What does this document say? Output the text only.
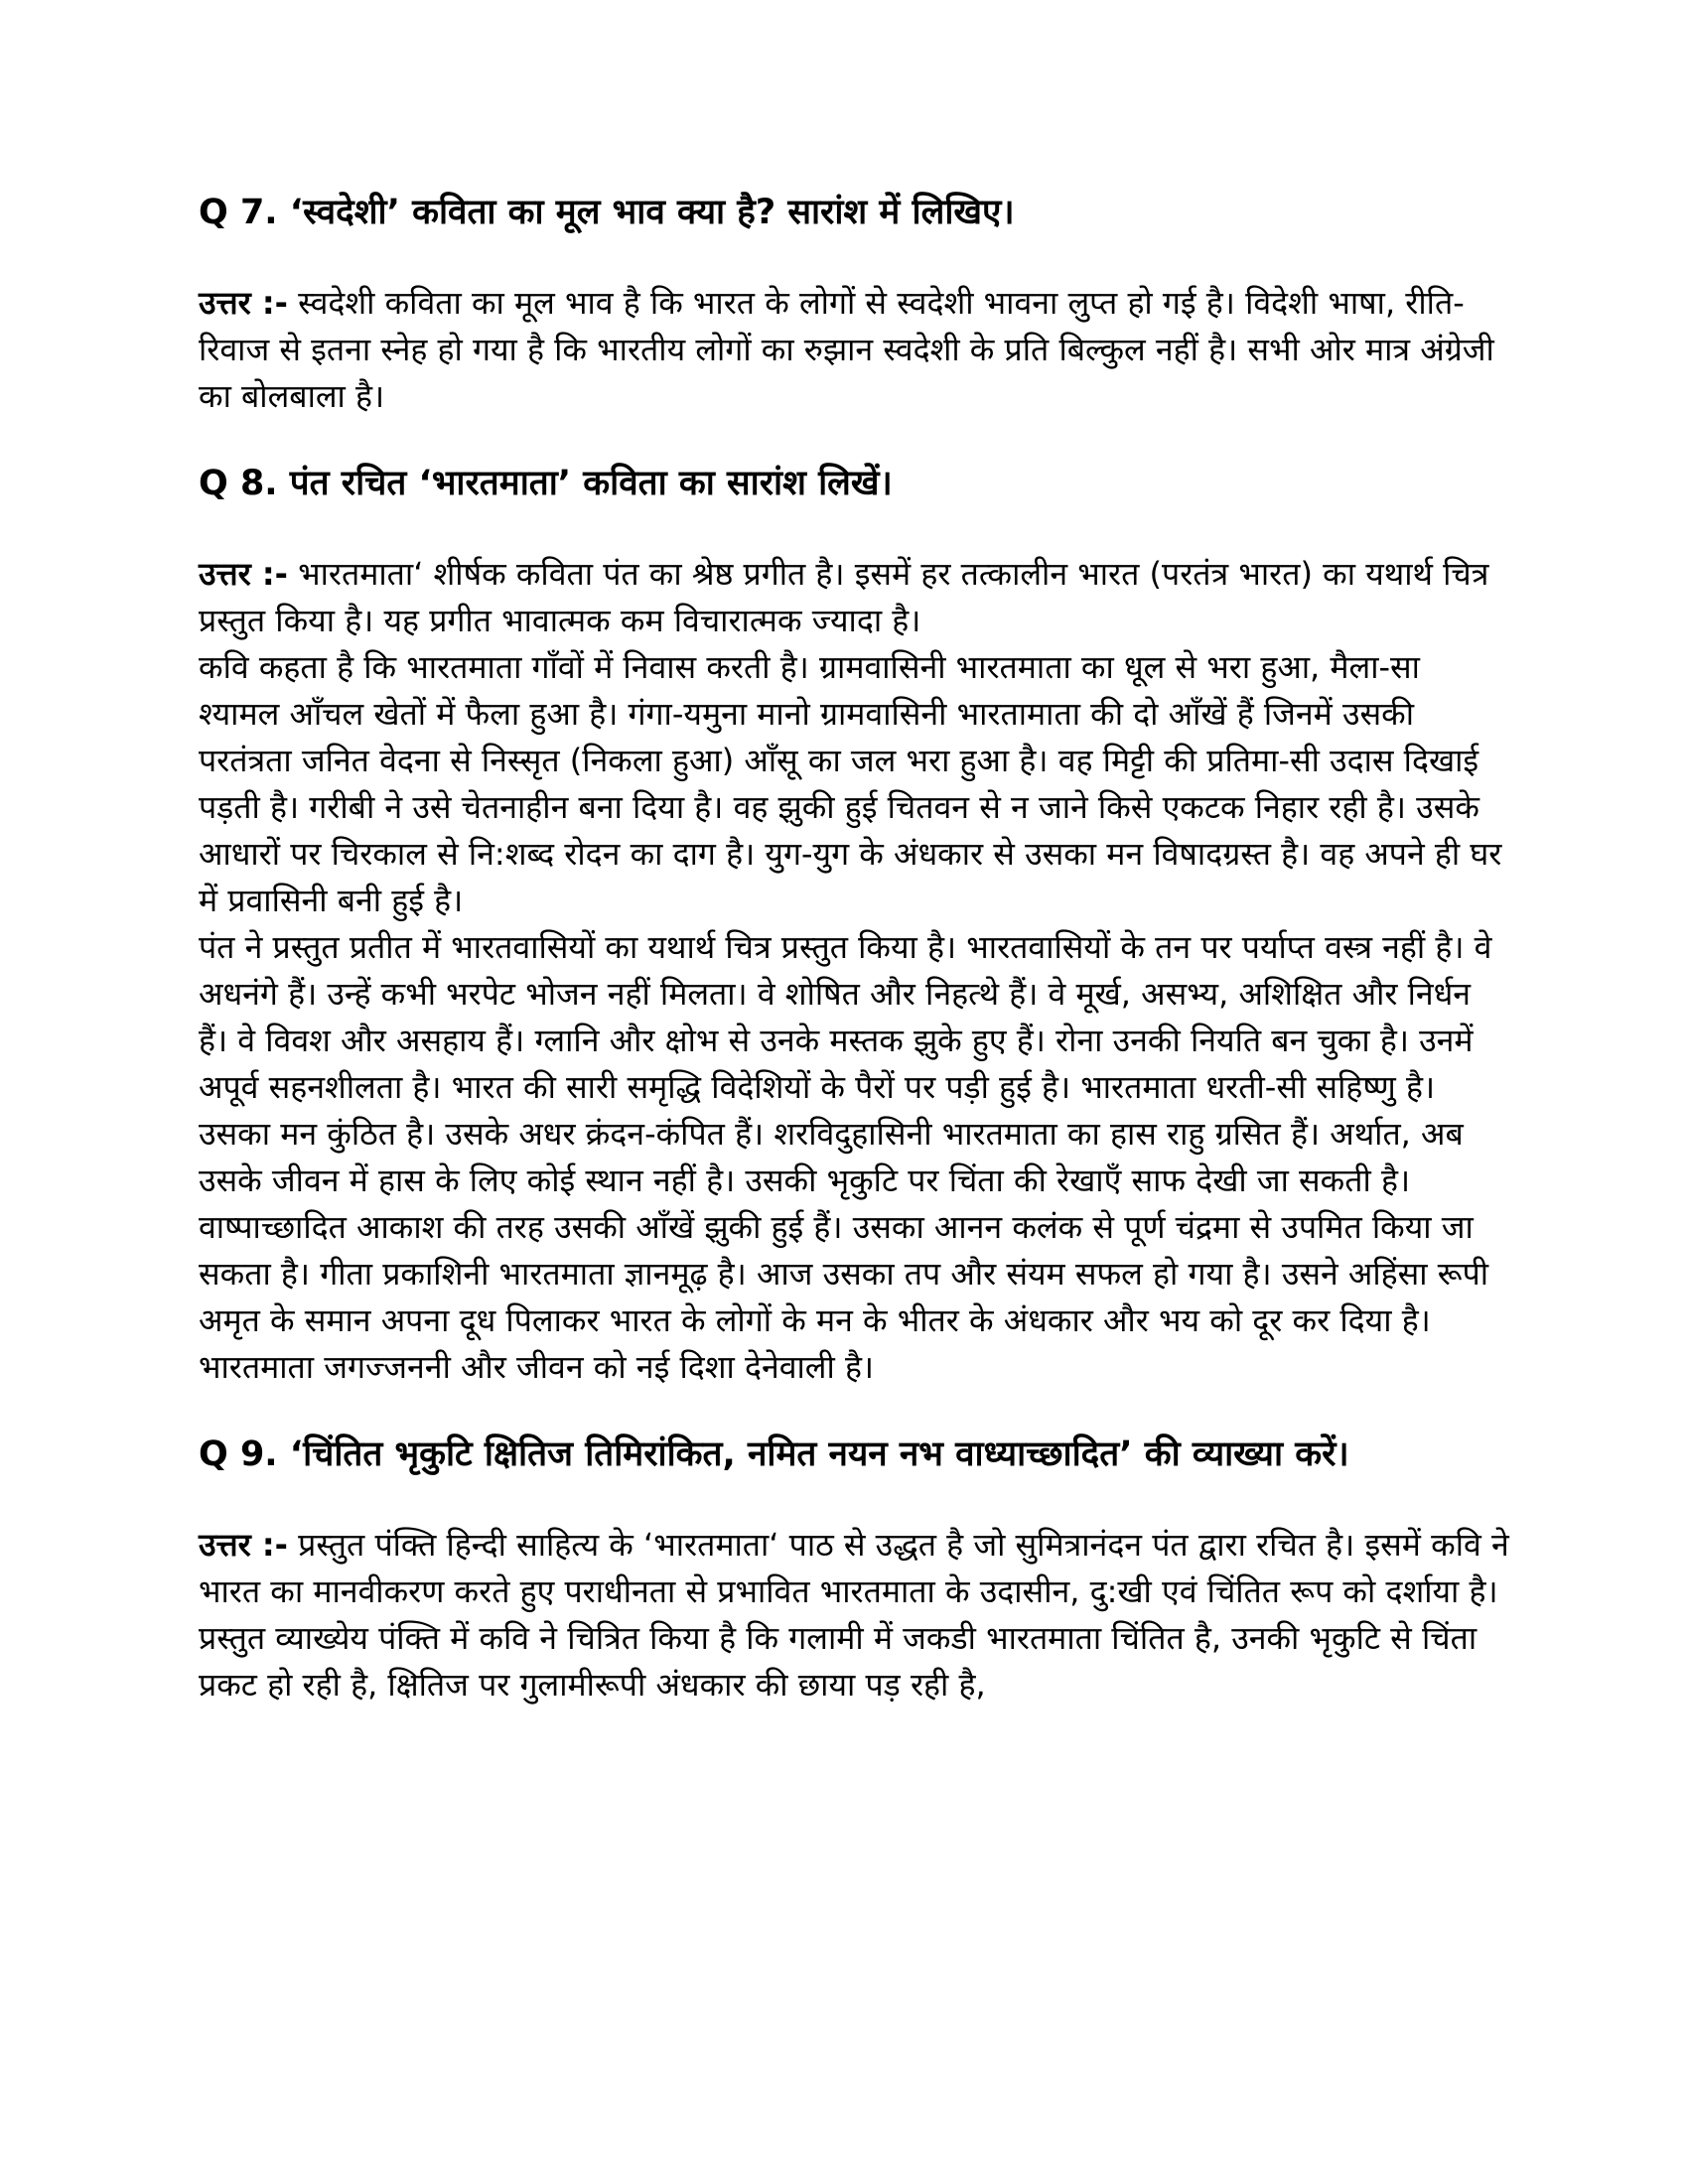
Q 7. ‘स्वदेशी’ कविता का मूल भाव क्या है? सारांश में लिखिए।

उत्तर :- स्वदेशी कविता का मूल भाव है कि भारत के लोगों से स्वदेशी भावना लुप्त हो गई है। विदेशी भाषा, रीति-रिवाज से इतना स्नेह हो गया है कि भारतीय लोगों का रुझान स्वदेशी के प्रति बिल्कुल नहीं है। सभी ओर मात्र अंग्रेजी का बोलबाला है।

Q 8. पंत रचित ‘भारतमाता’ कविता का सारांश लिखें।

उत्तर :- भारतमाता‘ शीर्षक कविता पंत का श्रेष्ठ प्रगीत है। इसमें हर तत्कालीन भारत (परतंत्र भारत) का यथार्थ चित्र प्रस्तुत किया है। यह प्रगीत भावात्मक कम विचारात्मक ज्यादा है।

कवि कहता है कि भारतमाता गाँवों में निवास करती है। ग्रामवासिनी भारतमाता का धूल से भरा हुआ, मैला-सा श्यामल आँचल खेतों में फैला हुआ है। गंगा-यमुना मानो ग्रामवासिनी भारतामाता की दो आँखें हैं जिनमें उसकी परतंत्रता जनित वेदना से निस्सृत (निकला हुआ) आँसू का जल भरा हुआ है। वह मिट्टी की प्रतिमा-सी उदास दिखाई पड़ती है। गरीबी ने उसे चेतनाहीन बना दिया है। वह झुकी हुई चितवन से न जाने किसे एकटक निहार रही है। उसके आधारों पर चिरकाल से नि:शब्द रोदन का दाग है। युग-युग के अंधकार से उसका मन विषादग्रस्त है। वह अपने ही घर में प्रवासिनी बनी हुई है।

पंत ने प्रस्तुत प्रतीत में भारतवासियों का यथार्थ चित्र प्रस्तुत किया है। भारतवासियों के तन पर पर्याप्त वस्त्र नहीं है। वे अधनंगे हैं। उन्हें कभी भरपेट भोजन नहीं मिलता। वे शोषित और निहत्थे हैं। वे मूर्ख, असभ्य, अशिक्षित और निर्धन हैं। वे विवश और असहाय हैं। ग्लानि और क्षोभ से उनके मस्तक झुके हुए हैं। रोना उनकी नियति बन चुका है। उनमें अपूर्व सहनशीलता है। भारत की सारी समृद्धि विदेशियों के पैरों पर पड़ी हुई है। भारतमाता धरती-सी सहिष्णु है। उसका मन कुंठित है। उसके अधर क्रंदन-कंपित हैं। शरविदुहासिनी भारतमाता का हास राहु ग्रसित हैं। अर्थात, अब उसके जीवन में हास के लिए कोई स्थान नहीं है। उसकी भृकुटि पर चिंता की रेखाएँ साफ देखी जा सकती है। वाष्पाच्छादित आकाश की तरह उसकी आँखें झुकी हुई हैं। उसका आनन कलंक से पूर्ण चंद्रमा से उपमित किया जा सकता है। गीता प्रकाशिनी भारतमाता ज्ञानमूढ़ है। आज उसका तप और संयम सफल हो गया है। उसने अहिंसा रूपी अमृत के समान अपना दूध पिलाकर भारत के लोगों के मन के भीतर के अंधकार और भय को दूर कर दिया है। भारतमाता जगज्जननी और जीवन को नई दिशा देनेवाली है।

Q 9. ‘चिंतित भृकुटि क्षितिज तिमिरांकित, नमित नयन नभ वाध्याच्छादित’ की व्याख्या करें।

उत्तर :- प्रस्तुत पंक्ति हिन्दी साहित्य के ‘भारतमाता‘ पाठ से उद्धत है जो सुमित्रानंदन पंत द्वारा रचित है। इसमें कवि ने भारत का मानवीकरण करते हुए पराधीनता से प्रभावित भारतमाता के उदासीन, दु:खी एवं चिंतित रूप को दर्शाया है।

प्रस्तुत व्याख्येय पंक्ति में कवि ने चित्रित किया है कि गलामी में जकडी भारतमाता चिंतित है, उनकी भृकुटि से चिंता प्रकट हो रही है, क्षितिज पर गुलामीरूपी अंधकार की छाया पड़ रही है,
